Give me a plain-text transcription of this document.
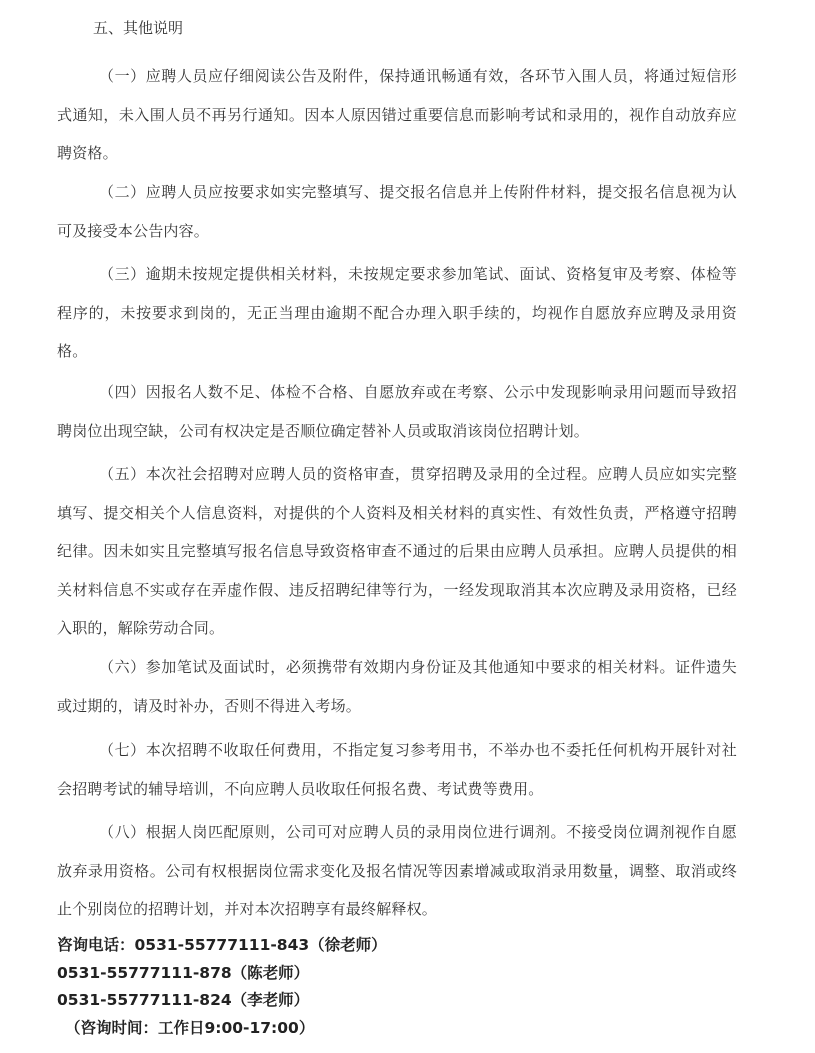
五、其他说明

（一）应聘人员应仔细阅读公告及附件，保持通讯畅通有效，各环节入围人员，将通过短信形式通知，未入围人员不再另行通知。因本人原因错过重要信息而影响考试和录用的，视作自动放弃应聘资格。

（二）应聘人员应按要求如实完整填写、提交报名信息并上传附件材料，提交报名信息视为认可及接受本公告内容。

（三）逾期未按规定提供相关材料，未按规定要求参加笔试、面试、资格复审及考察、体检等程序的，未按要求到岗的，无正当理由逾期不配合办理入职手续的，均视作自愿放弃应聘及录用资格。

（四）因报名人数不足、体检不合格、自愿放弃或在考察、公示中发现影响录用问题而导致招聘岗位出现空缺，公司有权决定是否顺位确定替补人员或取消该岗位招聘计划。

（五）本次社会招聘对应聘人员的资格审查，贯穿招聘及录用的全过程。应聘人员应如实完整填写、提交相关个人信息资料，对提供的个人资料及相关材料的真实性、有效性负责，严格遵守招聘纪律。因未如实且完整填写报名信息导致资格审查不通过的后果由应聘人员承担。应聘人员提供的相关材料信息不实或存在弄虚作假、违反招聘纪律等行为，一经发现取消其本次应聘及录用资格，已经入职的，解除劳动合同。

（六）参加笔试及面试时，必须携带有效期内身份证及其他通知中要求的相关材料。证件遗失或过期的，请及时补办，否则不得进入考场。

（七）本次招聘不收取任何费用，不指定复习参考用书，不举办也不委托任何机构开展针对社会招聘考试的辅导培训，不向应聘人员收取任何报名费、考试费等费用。

（八）根据人岗匹配原则，公司可对应聘人员的录用岗位进行调剂。不接受岗位调剂视作自愿放弃录用资格。公司有权根据岗位需求变化及报名情况等因素增减或取消录用数量，调整、取消或终止个别岗位的招聘计划，并对本次招聘享有最终解释权。

咨询电话：0531-55777111-843（徐老师）
0531-55777111-878（陈老师）
0531-55777111-824（李老师）
（咨询时间：工作日9:00-17:00）
